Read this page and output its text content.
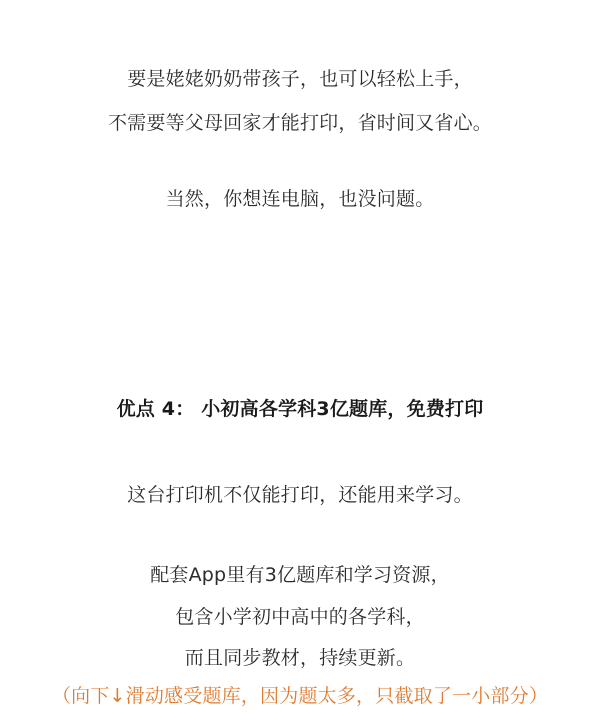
要是姥姥奶奶带孩子，也可以轻松上手，
不需要等父母回家才能打印，省时间又省心。
当然，你想连电脑，也没问题。
优点 4： 小初高各学科3亿题库，免费打印
这台打印机不仅能打印，还能用来学习。
配套App里有3亿题库和学习资源，
包含小学初中高中的各学科，
而且同步教材，持续更新。
（向下↓滑动感受题库，因为题太多，只截取了一小部分）
